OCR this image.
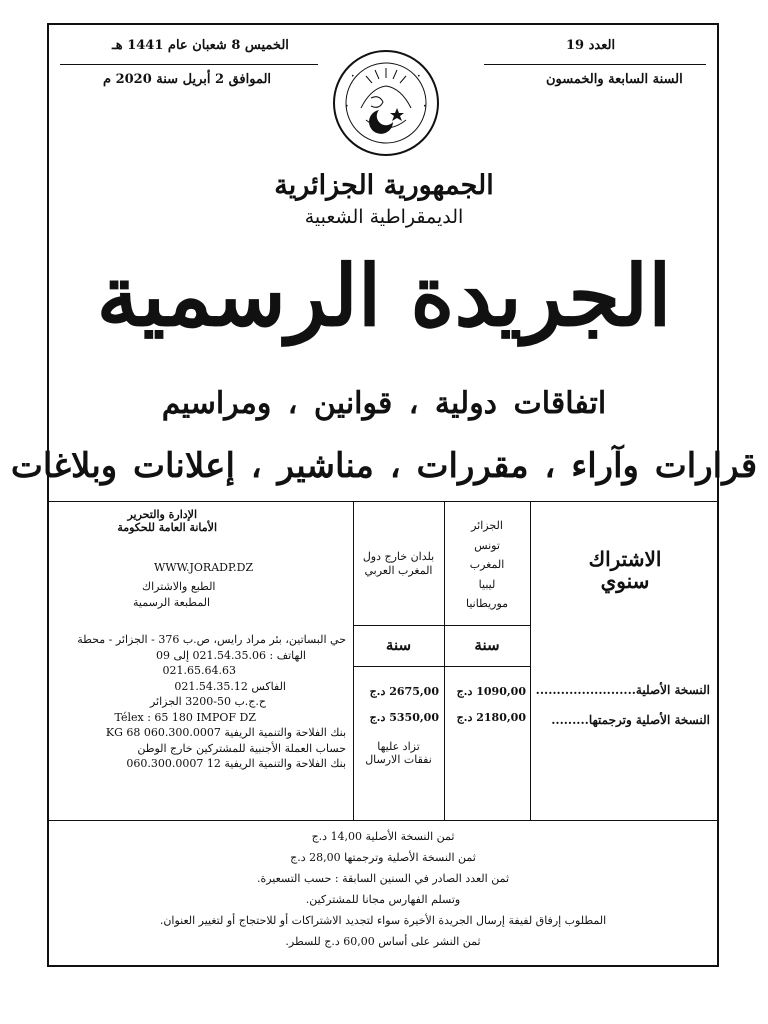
الخميس 8 شعبان عام 1441 هـ
الموافق 2 أبريل سنة 2020 م
العدد 19
السنة السابعة والخمسون
•	•
•	•
الجمهورية الجزائرية
الديمقراطية الشعبية
الجريدة الرسمية
اتفاقات دولية ، قوانين ، ومراسيم
قرارات وآراء ، مقررات ، مناشير ، إعلانات وبلاغات
الاشتراك
سنوي
الجزائر
تونس
المغرب
ليبيا
موريطانيا
بلدان خارج دول
المغرب العربي
سنة
سنة
النسخة الأصلية........................
النسخة الأصلية وترجمتها.........
1090,00 د.ج
2180,00 د.ج
2675,00 د.ج
5350,00 د.ج
تزاد عليها
نفقات الارسال
الإدارة والتحرير
الأمانة العامة للحكومة
WWW.JORADP.DZ
الطبع والاشتراك
المطبعة الرسمية
حي البساتين، بئر مراد رايس، ص.ب 376 - الجزائر - محطة
الهاتف : 021.54.35.06 إلى 09
021.65.64.63
الفاكس 021.54.35.12
ح.ج.ب 50-3200 الجزائر
Télex : 65 180 IMPOF DZ
بنك الفلاحة والتنمية الريفية 060.300.0007 68 KG
حساب العملة الأجنبية للمشتركين خارج الوطن
بنك الفلاحة والتنمية الريفية 12 060.300.0007
ثمن النسخة الأصلية 14,00 د.ج
ثمن النسخة الأصلية وترجمتها 28,00 د.ج
ثمن العدد الصادر في السنين السابقة : حسب التسعيرة.
وتسلم الفهارس مجانا للمشتركين.
المطلوب إرفاق لفيفة إرسال الجريدة الأخيرة سواء لتجديد الاشتراكات أو للاحتجاج أو لتغيير العنوان.
ثمن النشر على أساس 60,00 د.ج للسطر.
